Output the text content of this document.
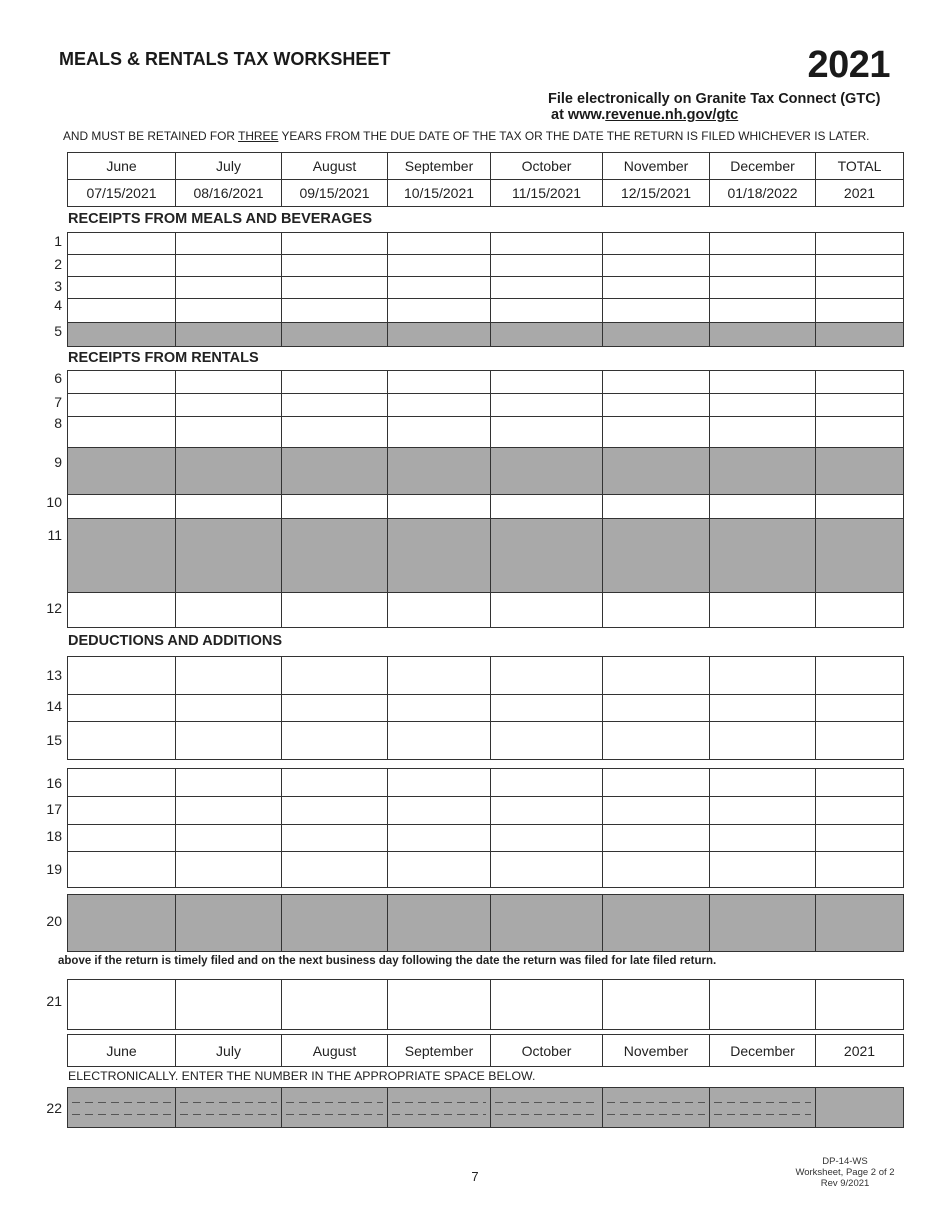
MEALS & RENTALS TAX WORKSHEET	2021
File electronically on Granite Tax Connect (GTC)
at www.revenue.nh.gov/gtc
AND MUST BE RETAINED FOR THREE YEARS FROM THE DUE DATE OF THE TAX OR THE DATE THE RETURN IS FILED WHICHEVER IS LATER.
June	July	August	September	October	November	December	TOTAL
07/15/2021	08/16/2021	09/15/2021	10/15/2021	11/15/2021	12/15/2021	01/18/2022	2021
RECEIPTS FROM MEALS AND BEVERAGES
1
2
3
4
5

RECEIPTS FROM RENTALS
6
7
8
9
10
11
12

DEDUCTIONS AND ADDITIONS
13
14
15

16
17
18
19

20

above if the return is timely filed and on the next business day following the date the return was filed for late filed return.
21

June	July	August	September	October	November	December	2021
ELECTRONICALLY. ENTER THE NUMBER IN THE APPROPRIATE SPACE BELOW.
22

7
DP-14-WS
Worksheet, Page 2 of 2
Rev 9/2021
